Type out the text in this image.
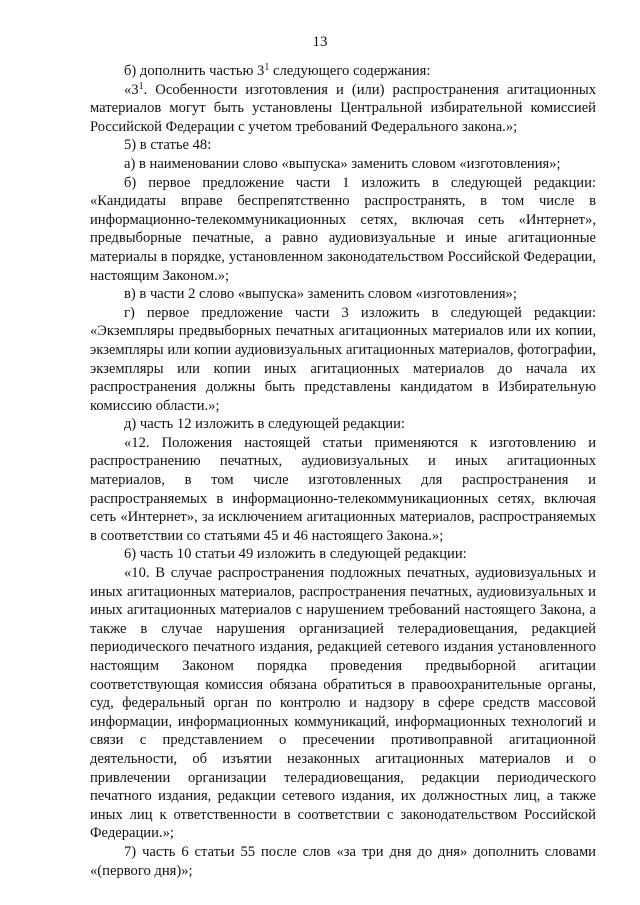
13

б) дополнить частью $3^1$ следующего содержания:

«$3^1$. Особенности изготовления и (или) распространения агитационных материалов могут быть установлены Центральной избирательной комиссией Российской Федерации с учетом требований Федерального закона.»;

5) в статье 48:

а) в наименовании слово «выпуска» заменить словом «изготовления»;

б) первое предложение части 1 изложить в следующей редакции: «Кандидаты вправе беспрепятственно распространять, в том числе в информационно-телекоммуникационных сетях, включая сеть «Интернет», предвыборные печатные, а равно аудиовизуальные и иные агитационные материалы в порядке, установленном законодательством Российской Федерации, настоящим Законом.»;

в) в части 2 слово «выпуска» заменить словом «изготовления»;

г) первое предложение части 3 изложить в следующей редакции: «Экземпляры предвыборных печатных агитационных материалов или их копии, экземпляры или копии аудиовизуальных агитационных материалов, фотографии, экземпляры или копии иных агитационных материалов до начала их распространения должны быть представлены кандидатом в Избирательную комиссию области.»;

д) часть 12 изложить в следующей редакции:

«12. Положения настоящей статьи применяются к изготовлению и распространению печатных, аудиовизуальных и иных агитационных материалов, в том числе изготовленных для распространения и распространяемых в информационно-телекоммуникационных сетях, включая сеть «Интернет», за исключением агитационных материалов, распространяемых в соответствии со статьями 45 и 46 настоящего Закона.»;

6) часть 10 статьи 49 изложить в следующей редакции:

«10. В случае распространения подложных печатных, аудиовизуальных и иных агитационных материалов, распространения печатных, аудиовизуальных и иных агитационных материалов с нарушением требований настоящего Закона, а также в случае нарушения организацией телерадиовещания, редакцией периодического печатного издания, редакцией сетевого издания установленного настоящим Законом порядка проведения предвыборной агитации соответствующая комиссия обязана обратиться в правоохранительные органы, суд, федеральный орган по контролю и надзору в сфере средств массовой информации, информационных коммуникаций, информационных технологий и связи с представлением о пресечении противоправной агитационной деятельности, об изъятии незаконных агитационных материалов и о привлечении организации телерадиовещания, редакции периодического печатного издания, редакции сетевого издания, их должностных лиц, а также иных лиц к ответственности в соответствии с законодательством Российской Федерации.»;

7) часть 6 статьи 55 после слов «за три дня до дня» дополнить словами «(первого дня)»;
